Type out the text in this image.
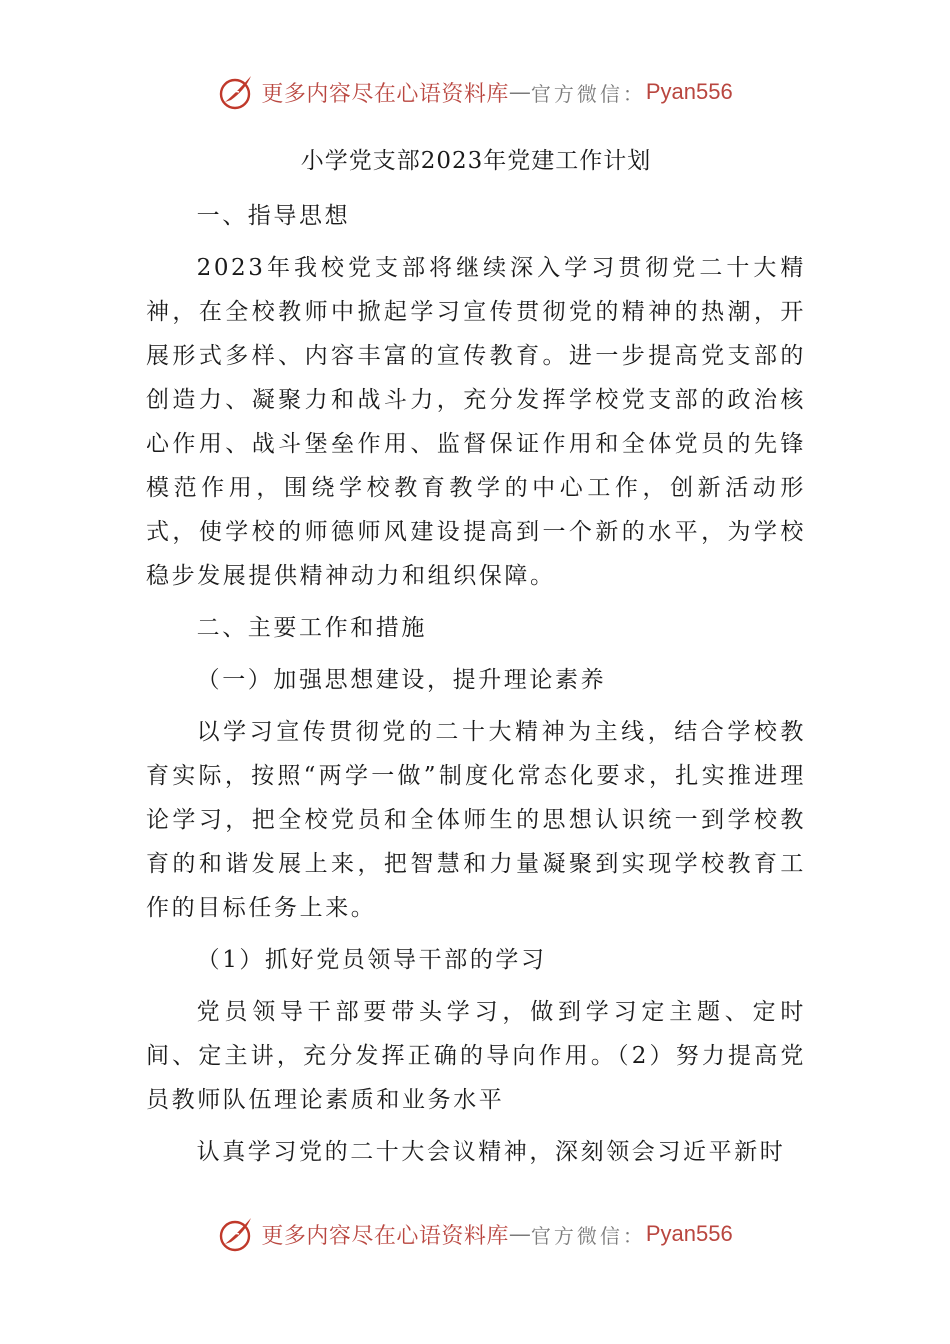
更多内容尽在心语资料库 — 官方微信： Pyan556

小学党支部2023年党建工作计划

一、指导思想

2023年我校党支部将继续深入学习贯彻党二十大精神，在全校教师中掀起学习宣传贯彻党的精神的热潮，开展形式多样、内容丰富的宣传教育。进一步提高党支部的创造力、凝聚力和战斗力，充分发挥学校党支部的政治核心作用、战斗堡垒作用、监督保证作用和全体党员的先锋模范作用，围绕学校教育教学的中心工作，创新活动形式，使学校的师德师风建设提高到一个新的水平，为学校稳步发展提供精神动力和组织保障。

二、主要工作和措施

（一）加强思想建设，提升理论素养

以学习宣传贯彻党的二十大精神为主线，结合学校教育实际，按照“两学一做”制度化常态化要求，扎实推进理论学习，把全校党员和全体师生的思想认识统一到学校教育的和谐发展上来，把智慧和力量凝聚到实现学校教育工作的目标任务上来。

（1）抓好党员领导干部的学习

党员领导干部要带头学习，做到学习定主题、定时间、定主讲，充分发挥正确的导向作用。（2）努力提高党员教师队伍理论素质和业务水平

认真学习党的二十大会议精神，深刻领会习近平新时

更多内容尽在心语资料库 — 官方微信： Pyan556
